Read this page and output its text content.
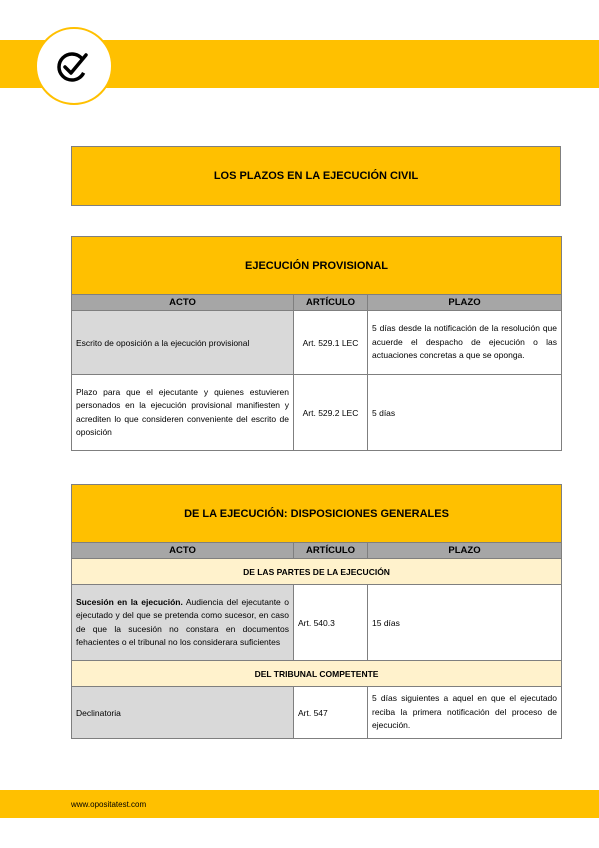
LOS PLAZOS EN LA EJECUCIÓN CIVIL
EJECUCIÓN PROVISIONAL		
ACTO	ARTÍCULO	PLAZO
Escrito de oposición a la ejecución provisional	Art. 529.1 LEC	5 días desde la notificación de la resolución que acuerde el despacho de ejecución o las actuaciones concretas a que se oponga.
Plazo para que el ejecutante y quienes estuvieren personados en la ejecución provisional manifiesten y acrediten lo que consideren conveniente del escrito de oposición	Art. 529.2 LEC	5 días
DE LA EJECUCIÓN: DISPOSICIONES GENERALES		
ACTO	ARTÍCULO	PLAZO
DE LAS PARTES DE LA EJECUCIÓN		
Sucesión en la ejecución. Audiencia del ejecutante o ejecutado y del que se pretenda como sucesor, en caso de que la sucesión no constara en documentos fehacientes o el tribunal no los considerara suficientes	Art. 540.3	15 días
DEL TRIBUNAL COMPETENTE		
Declinatoria	Art. 547	5 días siguientes a aquel en que el ejecutado reciba la primera notificación del proceso de ejecución.
www.opositatest.com
